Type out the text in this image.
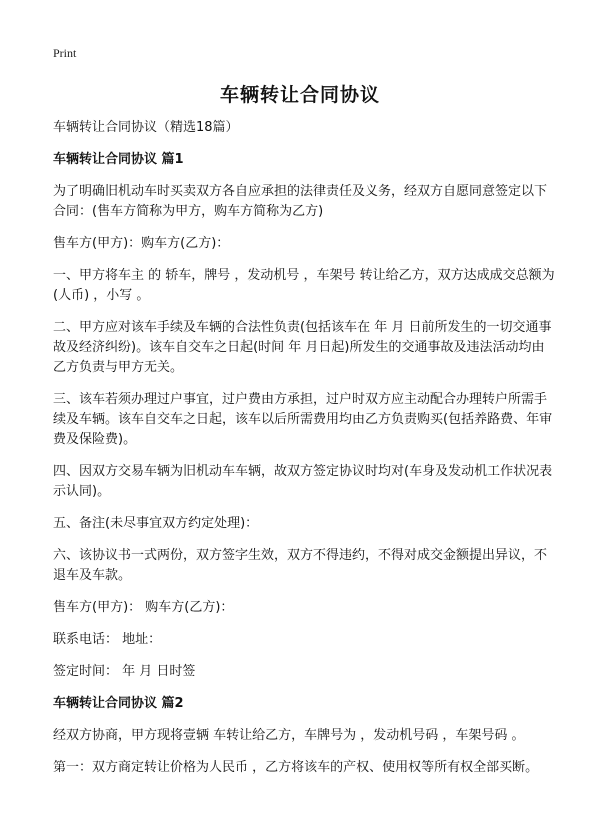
Print
车辆转让合同协议

车辆转让合同协议（精选18篇）

车辆转让合同协议 篇1

为了明确旧机动车时买卖双方各自应承担的法律责任及义务，经双方自愿同意签定以下合同：(售车方简称为甲方，购车方简称为乙方)

售车方(甲方)：购车方(乙方)：

一、甲方将车主 的 轿车，牌号 ，发动机号 ，车架号 转让给乙方，双方达成成交总额为(人币) ，小写 。

二、甲方应对该车手续及车辆的合法性负责(包括该车在 年 月 日前所发生的一切交通事故及经济纠纷)。该车自交车之日起(时间 年 月日起)所发生的交通事故及违法活动均由乙方负责与甲方无关。

三、该车若须办理过户事宜，过户费由方承担，过户时双方应主动配合办理转户所需手续及车辆。该车自交车之日起，该车以后所需费用均由乙方负责购买(包括养路费、年审费及保险费)。

四、因双方交易车辆为旧机动车车辆，故双方签定协议时均对(车身及发动机工作状况表示认同)。

五、备注(未尽事宜双方约定处理)：

六、该协议书一式两份，双方签字生效，双方不得违约，不得对成交金额提出异议，不退车及车款。

售车方(甲方)： 购车方(乙方)：

联系电话： 地址：

签定时间： 年 月 日时签

车辆转让合同协议 篇2

经双方协商，甲方现将壹辆 车转让给乙方，车牌号为 ，发动机号码 ，车架号码 。

第一：双方商定转让价格为人民币 ，乙方将该车的产权、使用权等所有权全部买断。
